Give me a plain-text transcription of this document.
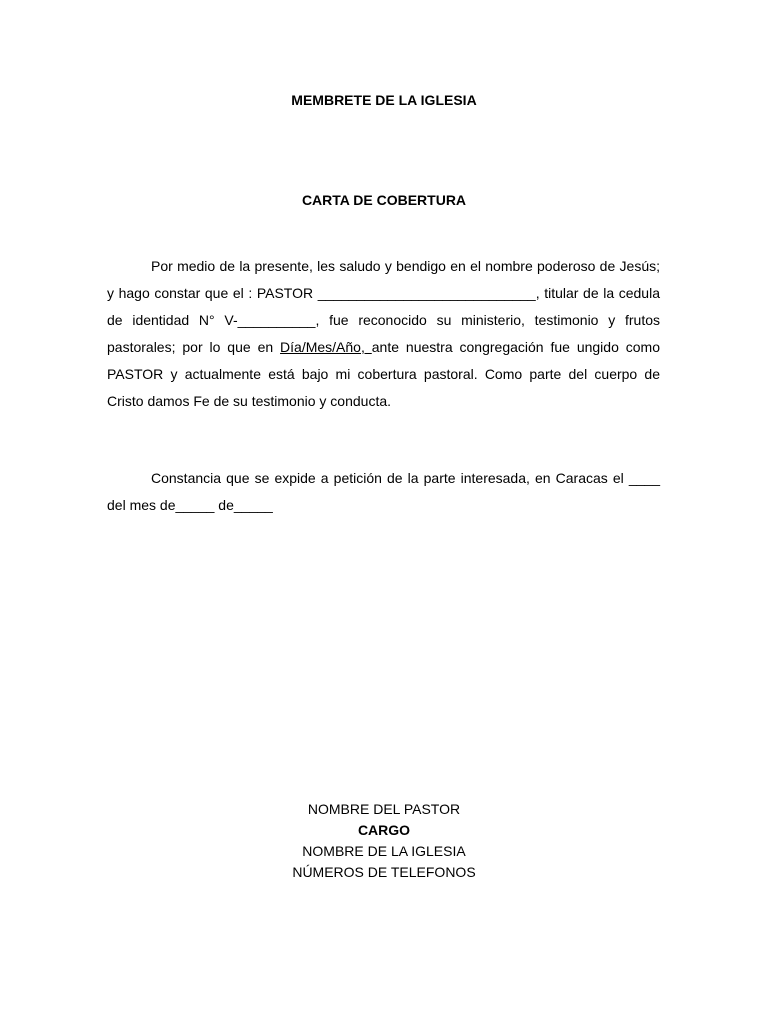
MEMBRETE DE LA IGLESIA
CARTA DE COBERTURA

Por medio de la presente, les saludo y bendigo en el nombre poderoso de Jesús; y hago constar que el : PASTOR ____________________________, titular de la cedula de identidad N° V-__________, fue reconocido su ministerio, testimonio y frutos pastorales; por lo que en Día/Mes/Año, ante nuestra congregación fue ungido como PASTOR y actualmente está bajo mi cobertura pastoral. Como parte del cuerpo de Cristo damos Fe de su testimonio y conducta.

Constancia que se expide a petición de la parte interesada, en Caracas el ____ del mes de_____ de_____

NOMBRE DEL PASTOR
CARGO
NOMBRE DE LA IGLESIA
NÚMEROS DE TELEFONOS
